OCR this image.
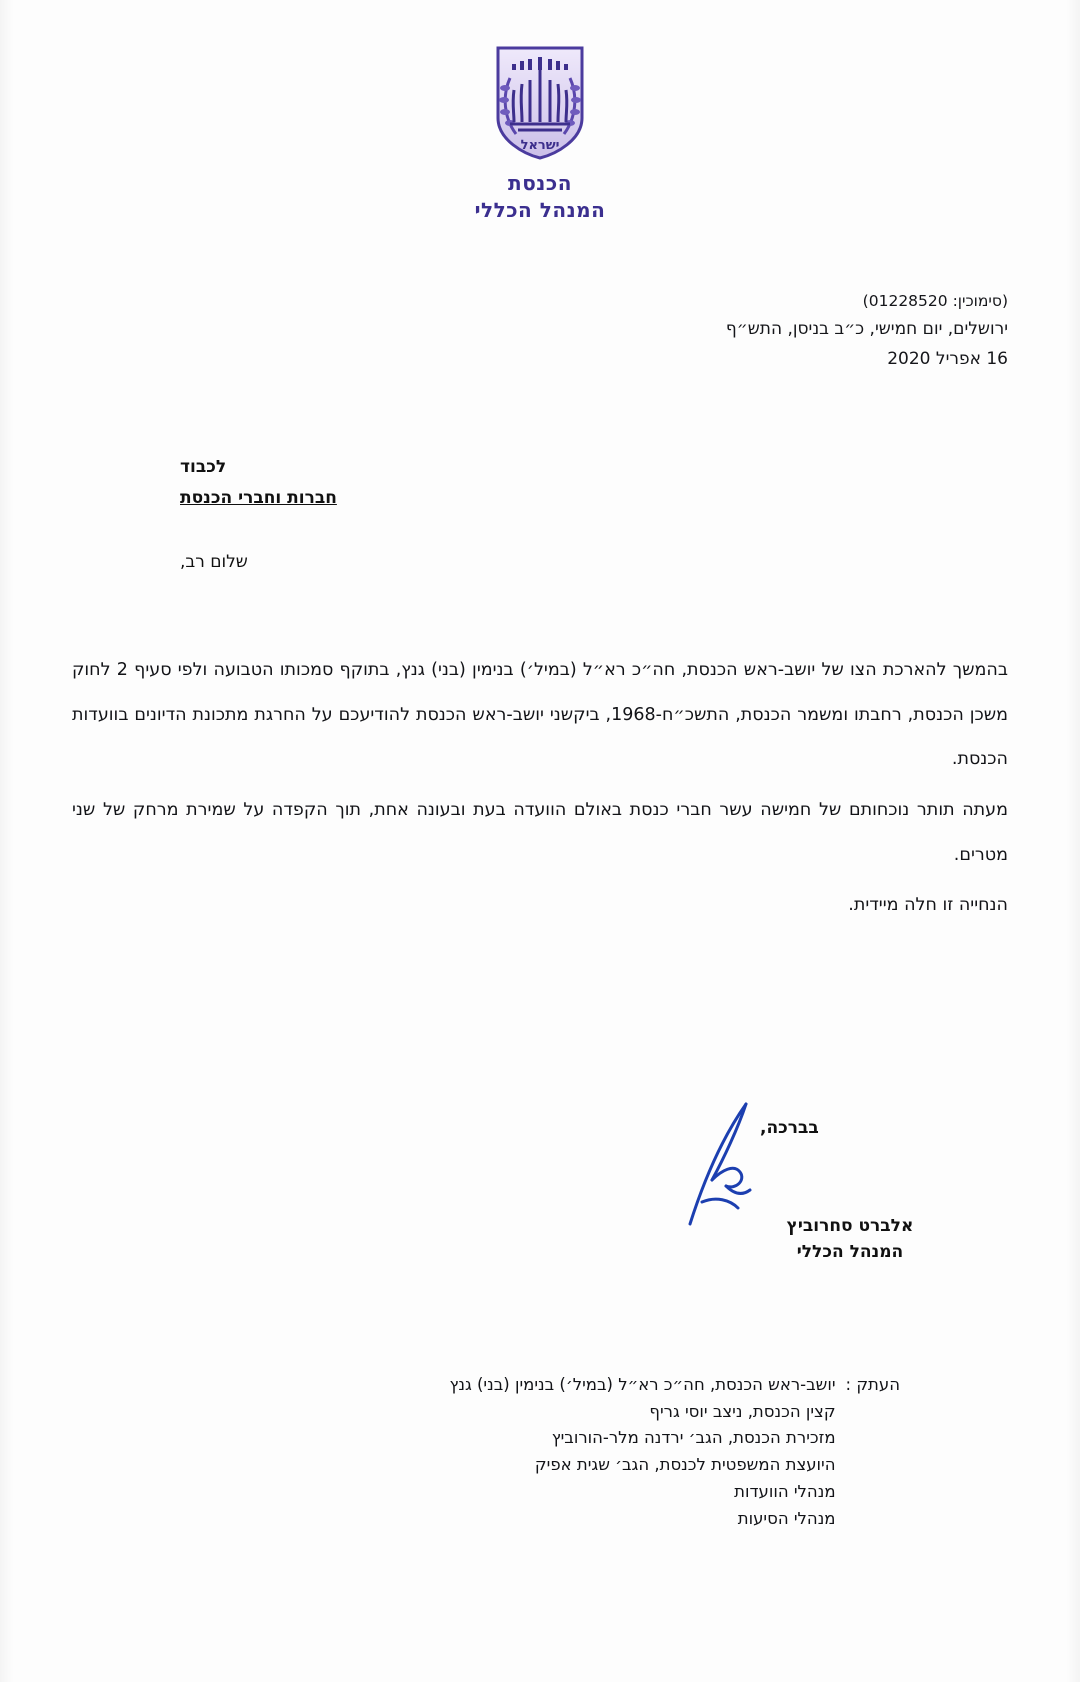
ישראל
הכנסת
המנהל הכללי
(סימוכין: 01228520)
ירושלים, יום חמישי, כ״ב בניסן, התש״ף
16 אפריל 2020
לכבוד
חברות וחברי הכנסת
שלום רב,

בהמשך להארכת הצו של יושב-ראש הכנסת, חה״כ רא״ל (במיל׳) בנימין (בני) גנץ, בתוקף סמכותו הטבועה ולפי סעיף 2 לחוק משכן הכנסת, רחבתו ומשמר הכנסת, התשכ״ח-1968, ביקשני יושב-ראש הכנסת להודיעכם על החרגת מתכונת הדיונים בוועדות הכנסת.

מעתה תותר נוכחותם של חמישה עשר חברי כנסת באולם הוועדה בעת ובעונה אחת, תוך הקפדה על שמירת מרחק של שני מטרים.

הנחייה זו חלה מיידית.

בברכה,
אלברט סחרוביץ
המנהל הכללי
העתק :
יושב-ראש הכנסת, חה״כ רא״ל (במיל׳) בנימין (בני) גנץ
קצין הכנסת, ניצב יוסי גריף
מזכירת הכנסת, הגב׳ ירדנה מלר-הורוביץ
היועצת המשפטית לכנסת, הגב׳ שגית אפיק
מנהלי הוועדות
מנהלי הסיעות
